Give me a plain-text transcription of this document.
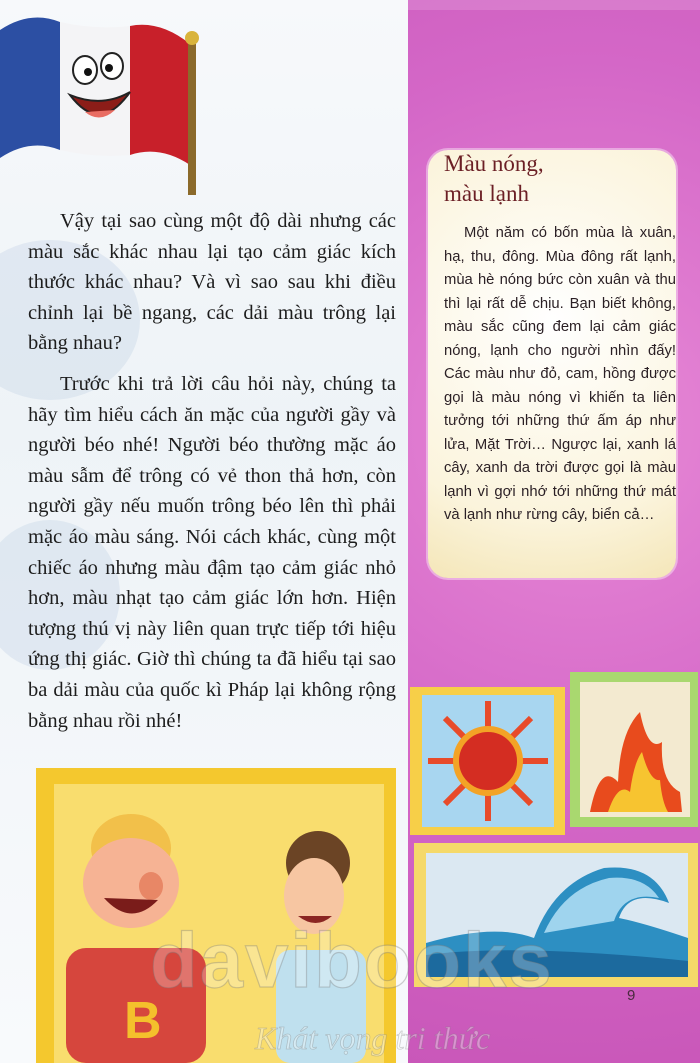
Vậy tại sao cùng một độ dài nhưng các màu sắc khác nhau lại tạo cảm giác kích thước khác nhau? Và vì sao sau khi điều chỉnh lại bề ngang, các dải màu trông lại bằng nhau?

Trước khi trả lời câu hỏi này, chúng ta hãy tìm hiểu cách ăn mặc của người gầy và người béo nhé! Người béo thường mặc áo màu sẫm để trông có vẻ thon thả hơn, còn người gầy nếu muốn trông béo lên thì phải mặc áo màu sáng. Nói cách khác, cùng một chiếc áo nhưng màu đậm tạo cảm giác nhỏ hơn, màu nhạt tạo cảm giác lớn hơn. Hiện tượng thú vị này liên quan trực tiếp tới hiệu ứng thị giác. Giờ thì chúng ta đã hiểu tại sao ba dải màu của quốc kì Pháp lại không rộng bằng nhau rồi nhé!

Màu nóng,
màu lạnh
Một năm có bốn mùa là xuân, hạ, thu, đông. Mùa đông rất lạnh, mùa hè nóng bức còn xuân và thu thì lại rất dễ chịu. Bạn biết không, màu sắc cũng đem lại cảm giác nóng, lạnh cho người nhìn đấy! Các màu như đỏ, cam, hồng được gọi là màu nóng vì khiến ta liên tưởng tới những thứ ấm áp như lửa, Mặt Trời… Ngược lại, xanh lá cây, xanh da trời được gọi là màu lạnh vì gợi nhớ tới những thứ mát và lạnh như rừng cây, biển cả…
B	9
davibooks
Khát vọng tri thức
